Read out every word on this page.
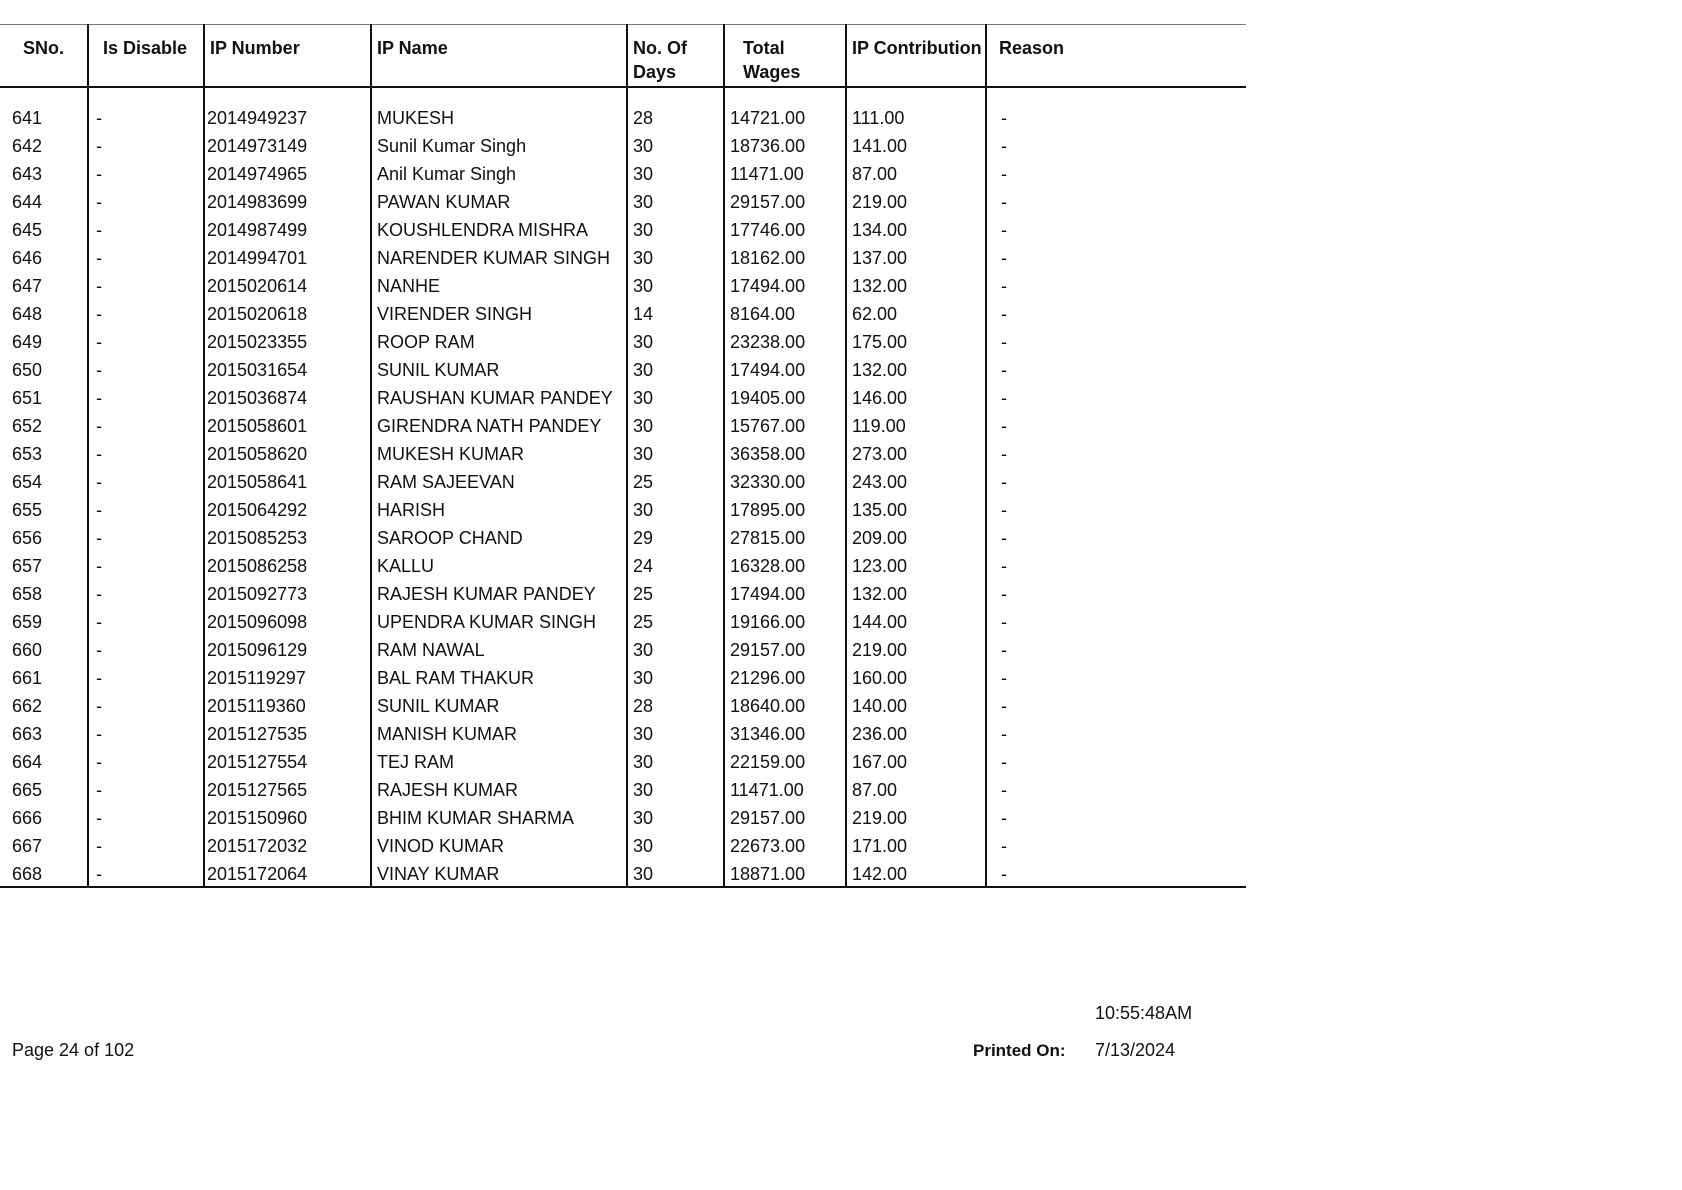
SNo.	Is Disable	IP Number	IP Name	No. Of Days	Total Wages	IP Contribution	Reason

641	-	2014949237	MUKESH	28	14721.00	111.00	-
642	-	2014973149	Sunil Kumar Singh	30	18736.00	141.00	-
643	-	2014974965	Anil Kumar Singh	30	11471.00	87.00	-
644	-	2014983699	PAWAN KUMAR	30	29157.00	219.00	-
645	-	2014987499	KOUSHLENDRA MISHRA	30	17746.00	134.00	-
646	-	2014994701	NARENDER KUMAR SINGH	30	18162.00	137.00	-
647	-	2015020614	NANHE	30	17494.00	132.00	-
648	-	2015020618	VIRENDER SINGH	14	8164.00	62.00	-
649	-	2015023355	ROOP RAM	30	23238.00	175.00	-
650	-	2015031654	SUNIL KUMAR	30	17494.00	132.00	-
651	-	2015036874	RAUSHAN KUMAR PANDEY	30	19405.00	146.00	-
652	-	2015058601	GIRENDRA NATH PANDEY	30	15767.00	119.00	-
653	-	2015058620	MUKESH KUMAR	30	36358.00	273.00	-
654	-	2015058641	RAM SAJEEVAN	25	32330.00	243.00	-
655	-	2015064292	HARISH	30	17895.00	135.00	-
656	-	2015085253	SAROOP CHAND	29	27815.00	209.00	-
657	-	2015086258	KALLU	24	16328.00	123.00	-
658	-	2015092773	RAJESH KUMAR PANDEY	25	17494.00	132.00	-
659	-	2015096098	UPENDRA KUMAR SINGH	25	19166.00	144.00	-
660	-	2015096129	RAM NAWAL	30	29157.00	219.00	-
661	-	2015119297	BAL RAM THAKUR	30	21296.00	160.00	-
662	-	2015119360	SUNIL KUMAR	28	18640.00	140.00	-
663	-	2015127535	MANISH KUMAR	30	31346.00	236.00	-
664	-	2015127554	TEJ RAM	30	22159.00	167.00	-
665	-	2015127565	RAJESH KUMAR	30	11471.00	87.00	-
666	-	2015150960	BHIM KUMAR SHARMA	30	29157.00	219.00	-
667	-	2015172032	VINOD KUMAR	30	22673.00	171.00	-
668	-	2015172064	VINAY KUMAR	30	18871.00	142.00	-
10:55:48AM
Page 24 of 102	Printed On: 7/13/2024
